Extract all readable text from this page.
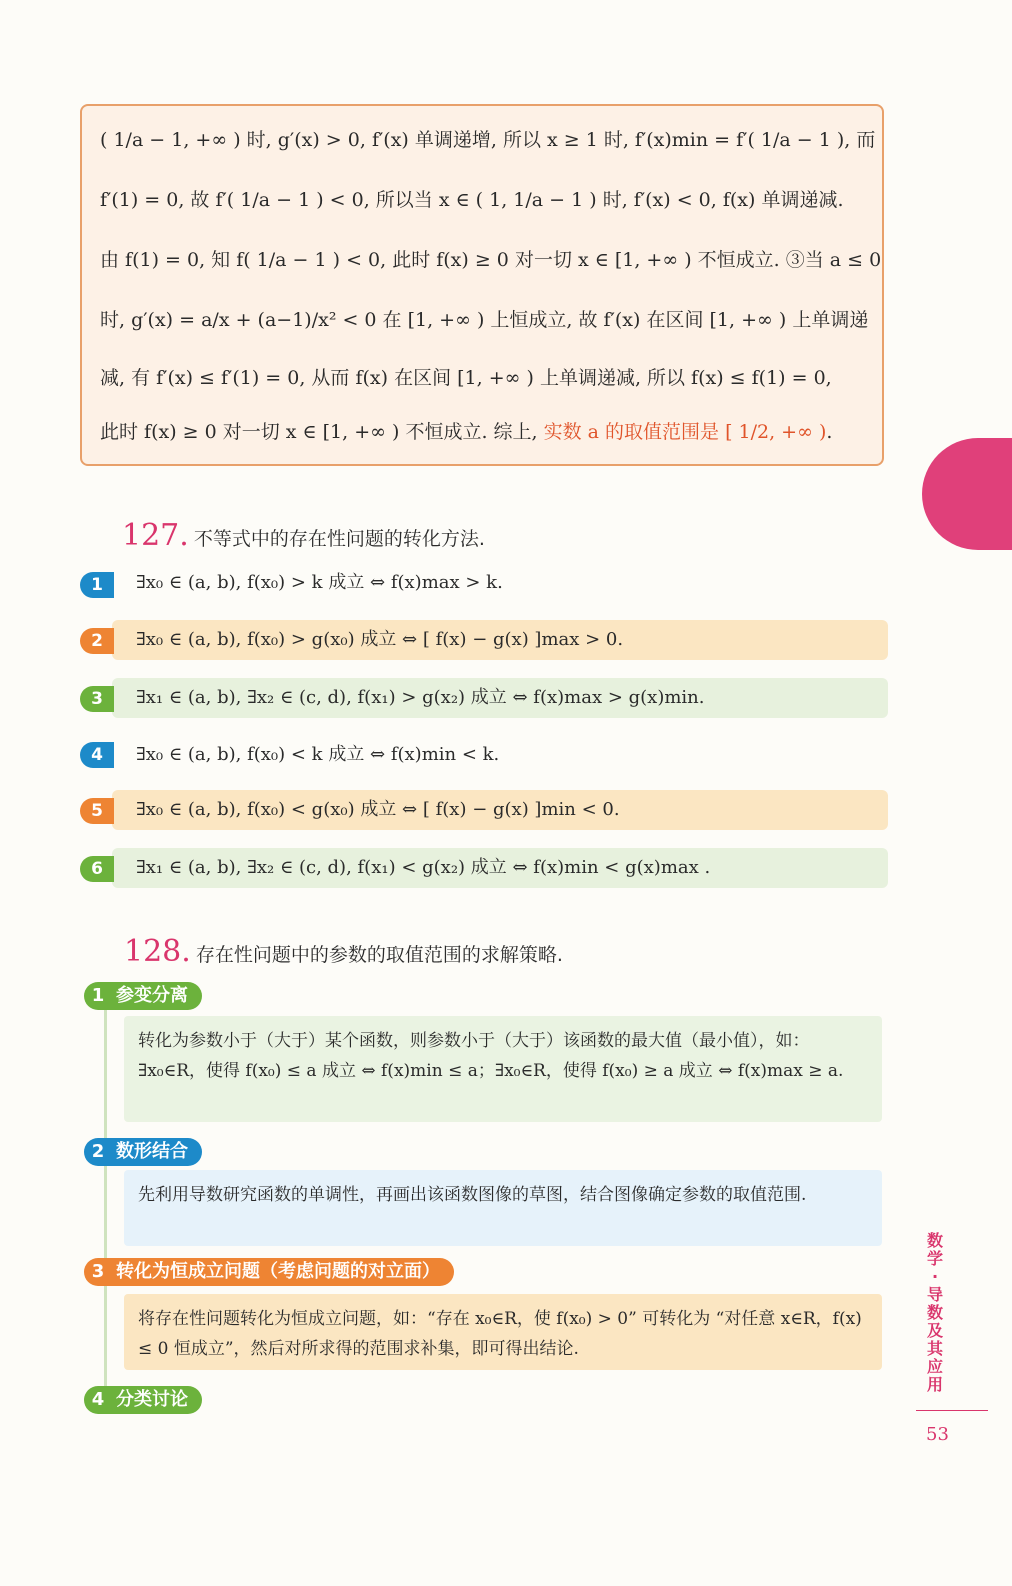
( 1/a − 1, +∞ ) 时, g′(x) > 0, f′(x) 单调递增, 所以 x ≥ 1 时, f′(x)min = f′( 1/a − 1 ), 而
f′(1) = 0, 故 f′( 1/a − 1 ) < 0, 所以当 x ∈ ( 1, 1/a − 1 ) 时, f′(x) < 0, f(x) 单调递减.
由 f(1) = 0, 知 f( 1/a − 1 ) < 0, 此时 f(x) ≥ 0 对一切 x ∈ [1, +∞ ) 不恒成立. ③当 a ≤ 0
时, g′(x) = a/x + (a−1)/x² < 0 在 [1, +∞ ) 上恒成立, 故 f′(x) 在区间 [1, +∞ ) 上单调递
减, 有 f′(x) ≤ f′(1) = 0, 从而 f(x) 在区间 [1, +∞ ) 上单调递减, 所以 f(x) ≤ f(1) = 0,
此时 f(x) ≥ 0 对一切 x ∈ [1, +∞ ) 不恒成立. 综上, 实数 a 的取值范围是 [ 1/2, +∞ ).
数学·导数及其应用
53
127. 不等式中的存在性问题的转化方法.
1	∃x₀ ∈ (a, b), f(x₀) > k 成立 ⇔ f(x)max > k.
2	∃x₀ ∈ (a, b), f(x₀) > g(x₀) 成立 ⇔ [ f(x) − g(x) ]max > 0.
3	∃x₁ ∈ (a, b), ∃x₂ ∈ (c, d), f(x₁) > g(x₂) 成立 ⇔ f(x)max > g(x)min.
4	∃x₀ ∈ (a, b), f(x₀) < k 成立 ⇔ f(x)min < k.
5	∃x₀ ∈ (a, b), f(x₀) < g(x₀) 成立 ⇔ [ f(x) − g(x) ]min < 0.
6	∃x₁ ∈ (a, b), ∃x₂ ∈ (c, d), f(x₁) < g(x₂) 成立 ⇔ f(x)min < g(x)max .
128. 存在性问题中的参数的取值范围的求解策略.
1 参变分离
转化为参数小于（大于）某个函数，则参数小于（大于）该函数的最大值（最小值），如：∃x₀∈R，使得 f(x₀) ≤ a 成立 ⇔ f(x)min ≤ a；∃x₀∈R，使得 f(x₀) ≥ a 成立 ⇔ f(x)max ≥ a.
2 数形结合
先利用导数研究函数的单调性，再画出该函数图像的草图，结合图像确定参数的取值范围.
3 转化为恒成立问题（考虑问题的对立面）
将存在性问题转化为恒成立问题，如：“存在 x₀∈R，使 f(x₀) > 0” 可转化为 “对任意 x∈R，f(x) ≤ 0 恒成立”，然后对所求得的范围求补集，即可得出结论.
4 分类讨论
